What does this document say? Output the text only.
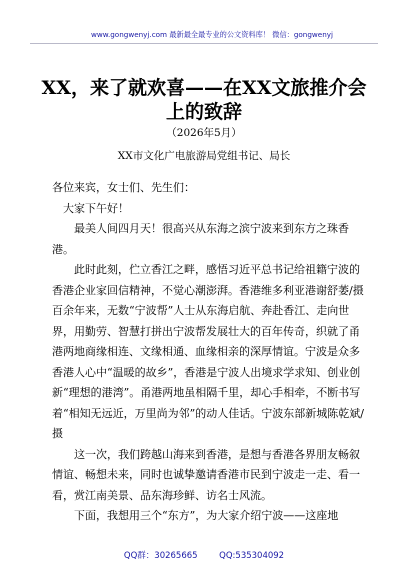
www.gongwenyj.com 最新最全最专业的公文资料库！ 微信：gongwenyj
XX，来了就欢喜——在XX文旅推介会上的致辞
（2026年5月）
XX市文化广电旅游局党组书记、局长

各位来宾，女士们、先生们：

大家下午好！

最美人间四月天！很高兴从东海之滨宁波来到东方之珠香港。

此时此刻，伫立香江之畔，感悟习近平总书记给祖籍宁波的香港企业家回信精神，不觉心潮澎湃。香港维多利亚港谢舒萎/摄百余年来，无数“宁波帮”人士从东海启航、奔赴香江、走向世界，用勤劳、智慧打拼出宁波帮发展壮大的百年传奇，织就了甬港两地商缘相连、文缘相通、血缘相亲的深厚情谊。宁波是众多香港人心中“温暖的故乡”，香港是宁波人出境求学求知、创业创新“理想的港湾”。甬港两地虽相隔千里，却心手相牵，不断书写着“相知无远近，万里尚为邻”的动人佳话。宁波东部新城陈乾斌/摄

这一次，我们跨越山海来到香港，是想与香港各界朋友畅叙情谊、畅想未来，同时也诚挚邀请香港市民到宁波走一走、看一看，赏江南美景、品东海珍鲜、访名士风流。

下面，我想用三个“东方”，为大家介绍宁波——这座地

QQ群：30265665        QQ:535304092
